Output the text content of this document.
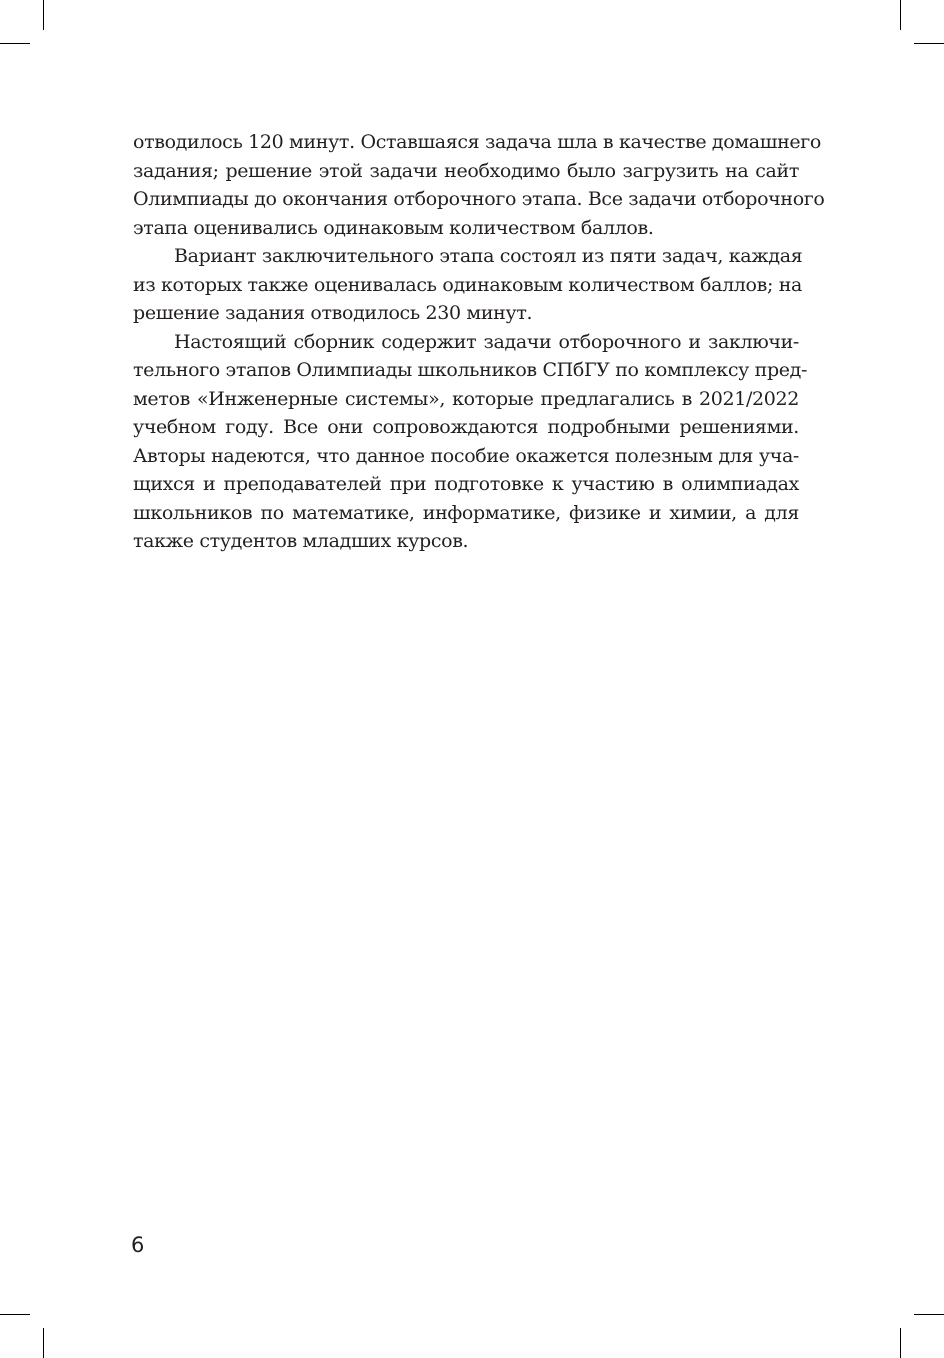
отводилось 120 минут. Оставшаяся задача шла в качестве домашнего
задания; решение этой задачи необходимо было загрузить на сайт
Олимпиады до окончания отборочного этапа. Все задачи отборочного
этапа оценивались одинаковым количеством баллов.
Вариант заключительного этапа состоял из пяти задач, каждая
из которых также оценивалась одинаковым количеством баллов; на
решение задания отводилось 230 минут.
Настоящий сборник содержит задачи отборочного и заключи-
тельного этапов Олимпиады школьников СПбГУ по комплексу пред-
метов «Инженерные системы», которые предлагались в 2021/2022
учебном году. Все они сопровождаются подробными решениями.
Авторы надеются, что данное пособие окажется полезным для уча-
щихся и преподавателей при подготовке к участию в олимпиадах
школьников по математике, информатике, физике и химии, а для
также студентов младших курсов.
6
